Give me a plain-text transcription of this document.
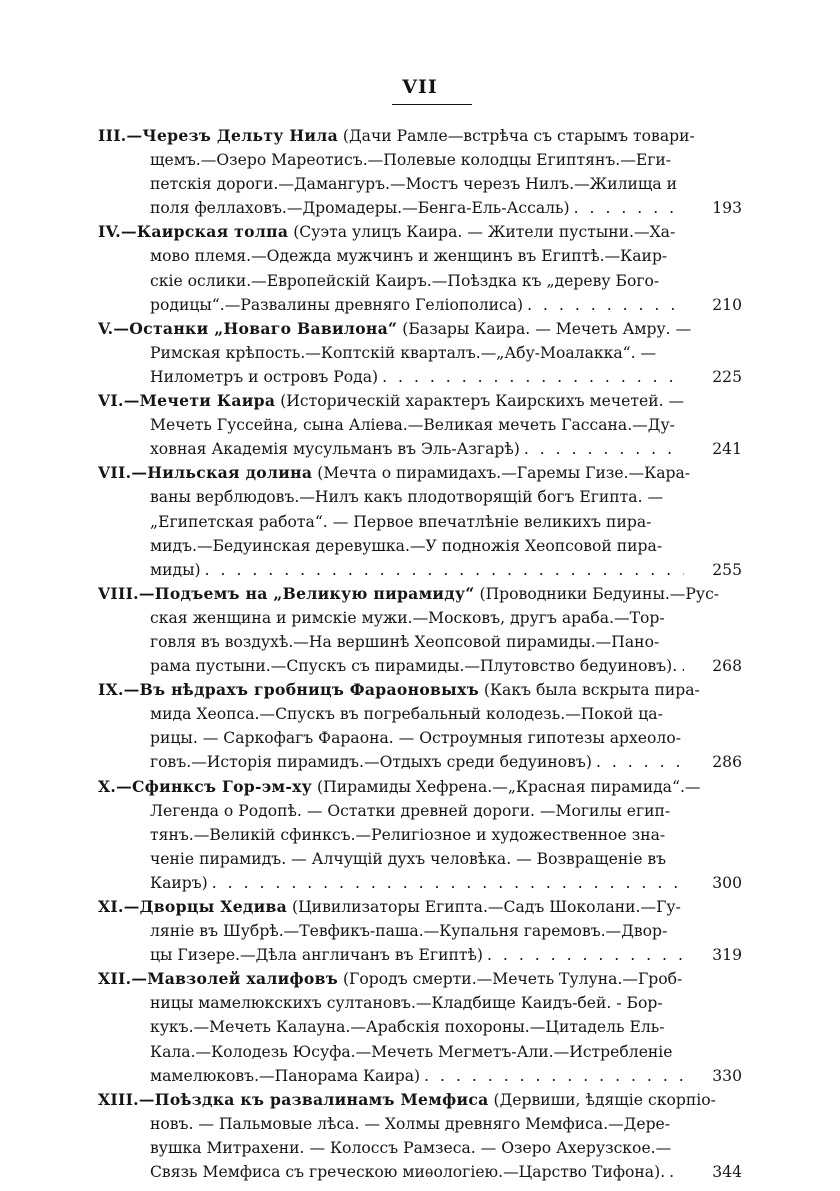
VII
III.—Черезъ Дельту Нила (Дачи Рамле—встрѣча съ старымъ товари-
щемъ.—Озеро Мареотисъ.—Полевые колодцы Египтянъ.—Еги-
петскія дороги.—Дамангуръ.—Мостъ черезъ Нилъ.—Жилища и
поля феллаховъ.—Дромадеры.—Бенга-Ель-Ассаль) . . .	193
IV.—Каирская толпа (Суэта улицъ Каира. — Жители пустыни.—Ха-
мово племя.—Одежда мужчинъ и женщинъ въ Египтѣ.—Каир-
скіе ослики.—Европейскій Каиръ.—Поѣздка къ „дереву Бого-
родицы“.—Развалины древняго Геліополиса) . . .	210
V.—Останки „Новаго Вавилона“ (Базары Каира. — Мечеть Амру. —
Римская крѣпость.—Коптскій кварталъ.—„Абу-Моалакка“. —
Нилометръ и островъ Рода) . . .	225
VI.—Мечети Каира (Историческій характеръ Каирскихъ мечетей. —
Мечеть Гуссейна, сына Аліева.—Великая мечеть Гассана.—Ду-
ховная Академія мусульманъ въ Эль-Азгарѣ) . . .	241
VII.—Нильская долина (Мечта о пирамидахъ.—Гаремы Гизе.—Кара-
ваны верблюдовъ.—Нилъ какъ плодотворящій богъ Египта. —
„Египетская работа“. — Первое впечатлѣніе великихъ пира-
мидъ.—Бедуинская деревушка.—У подножія Хеопсовой пира-
миды) . . .	255
VIII.—Подъемъ на „Великую пирамиду“ (Проводники Бедуины.—Рус-
ская женщина и римскіе мужи.—Московъ, другъ араба.—Тор-
говля въ воздухѣ.—На вершинѣ Хеопсовой пирамиды.—Пано-
рама пустыни.—Спускъ съ пирамиды.—Плутовство бедуиновъ). . . .	268
IX.—Въ нѣдрахъ гробницъ Фараоновыхъ (Какъ была вскрыта пира-
мида Хеопса.—Спускъ въ погребальный колодезь.—Покой ца-
рицы. — Саркофагъ Фараона. — Остроумныя гипотезы археоло-
говъ.—Исторія пирамидъ.—Отдыхъ среди бедуиновъ) . . .	286
X.—Сфинксъ Гор-эм-ху (Пирамиды Хефрена.—„Красная пирамида“.—
Легенда о Родопѣ. — Остатки древней дороги. —Могилы егип-
тянъ.—Великій сфинксъ.—Религіозное и художественное зна-
ченіе пирамидъ. — Алчущій духъ человѣка. — Возвращеніе въ
Каиръ) . . .	300
XI.—Дворцы Хедива (Цивилизаторы Египта.—Садъ Шоколани.—Гу-
ляніе въ Шубрѣ.—Тевфикъ-паша.—Купальня гаремовъ.—Двор-
цы Гизере.—Дѣла англичанъ въ Египтѣ) . . .	319
XII.—Мавзолей халифовъ (Городъ смерти.—Мечеть Тулуна.—Гроб-
ницы мамелюкскихъ султановъ.—Кладбище Каидъ-бей. - Бор-
кукъ.—Мечеть Калауна.—Арабскія похороны.—Цитадель Ель-
Кала.—Колодезь Юсуфа.—Мечеть Мегметъ-Али.—Истребленіе
мамелюковъ.—Панорама Каира) . . .	330
XIII.—Поѣздка къ развалинамъ Мемфиса (Дервиши, ѣдящіе скорпіо-
новъ. — Пальмовые лѣса. — Холмы древняго Мемфиса.—Дере-
вушка Митрахени. — Колоссъ Рамзеса. — Озеро Ахерузское.—
Связь Мемфиса съ греческою миѳологіею.—Царство Тифона). . . .	344
